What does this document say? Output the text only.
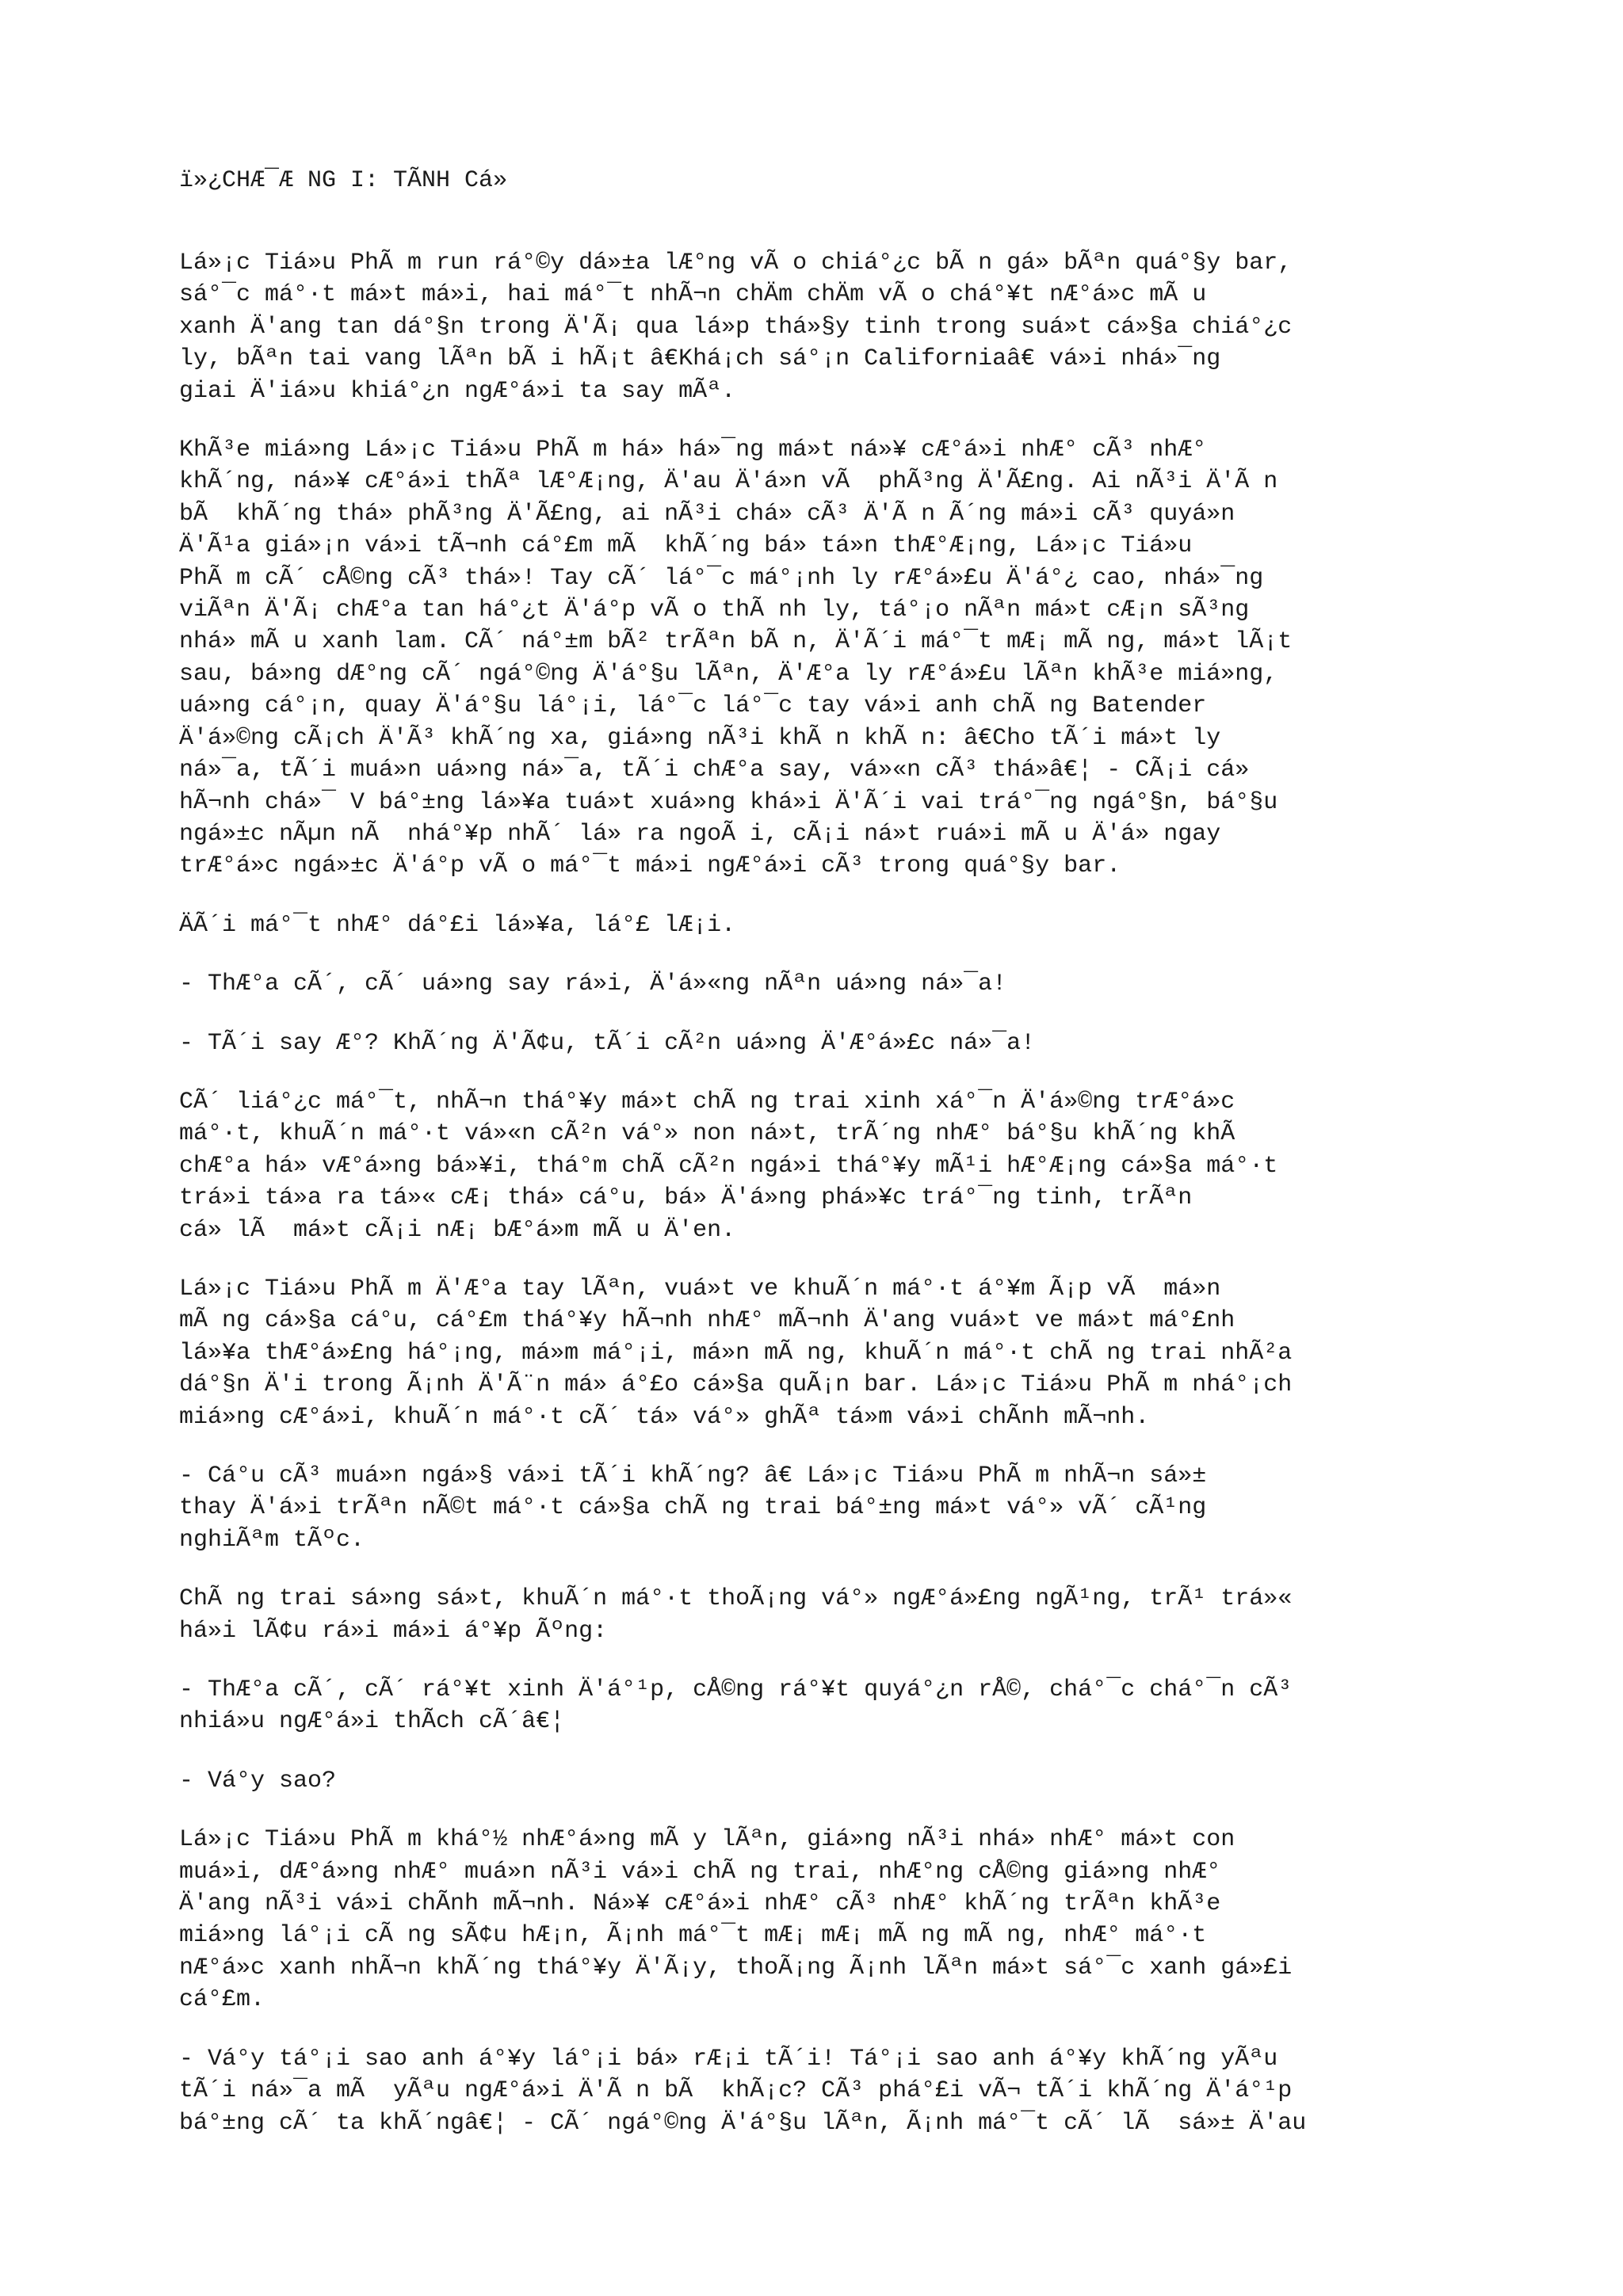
ï»¿CHÆ¯Æ NG I: TÃNH Cá»

Lá»¡c Tiá»u PhÃ m run rá°©y dá»±a lÆ°ng vÃ o chiá°¿c bÃ n gá» bÃªn quá°§y bar,
sá°¯c má°·t má»t má»i, hai má°¯t nhÃ¬n chÄm chÄm vÃ o chá°¥t nÆ°á»c mÃ u
xanh Ä'ang tan dá°§n trong Ä'Ã¡ qua lá»p thá»§y tinh trong suá»t cá»§a chiá°¿c
ly, bÃªn tai vang lÃªn bÃ i hÃ¡t â€Khá¡ch sá°¡n Californiaâ€ vá»i nhá»¯ng
giai Ä'iá»u khiá°¿n ngÆ°á»i ta say mÃª.

KhÃ³e miá»ng Lá»¡c Tiá»u PhÃ m há» há»¯ng má»t ná»¥ cÆ°á»i nhÆ° cÃ³ nhÆ°
khÃ´ng, ná»¥ cÆ°á»i thÃª lÆ°Æ¡ng, Ä'au Ä'á»n vÃ  phÃ³ng Ä'Ã£ng. Ai nÃ³i Ä'Ã n
bÃ  khÃ´ng thá» phÃ³ng Ä'Ã£ng, ai nÃ³i chá» cÃ³ Ä'Ã n Ã´ng má»i cÃ³ quyá»n
Ä'Ã¹a giá»¡n vá»i tÃ¬nh cá°£m mÃ  khÃ´ng bá» tá»n thÆ°Æ¡ng, Lá»¡c Tiá»u
PhÃ m cÃ´ cÅ©ng cÃ³ thá»! Tay cÃ´ lá°¯c má°¡nh ly rÆ°á»£u Ä'á°¿ cao, nhá»¯ng
viÃªn Ä'Ã¡ chÆ°a tan há°¿t Ä'á°p vÃ o thÃ nh ly, tá°¡o nÃªn má»t cÆ¡n sÃ³ng
nhá» mÃ u xanh lam. CÃ´ ná°±m bÃ² trÃªn bÃ n, Ä'Ã´i má°¯t mÆ¡ mÃ ng, má»t lÃ¡t
sau, bá»ng dÆ°ng cÃ´ ngá°©ng Ä'á°§u lÃªn, Ä'Æ°a ly rÆ°á»£u lÃªn khÃ³e miá»ng,
uá»ng cá°¡n, quay Ä'á°§u lá°¡i, lá°¯c lá°¯c tay vá»i anh chÃ ng Batender
Ä'á»©ng cÃ¡ch Ä'Ã³ khÃ´ng xa, giá»ng nÃ³i khÃ n khÃ n: â€Cho tÃ´i má»t ly
ná»¯a, tÃ´i muá»n uá»ng ná»¯a, tÃ´i chÆ°a say, vá»«n cÃ³ thá»â€¦ - CÃ¡i cá»
hÃ¬nh chá»¯ V bá°±ng lá»¥a tuá»t xuá»ng khá»i Ä'Ã´i vai trá°¯ng ngá°§n, bá°§u
ngá»±c nÃµn nÃ  nhá°¥p nhÃ´ lá» ra ngoÃ i, cÃ¡i ná»t ruá»i mÃ u Ä'á» ngay
trÆ°á»c ngá»±c Ä'á°p vÃ o má°¯t má»i ngÆ°á»i cÃ³ trong quá°§y bar.

ÄÃ´i má°¯t nhÆ° dá°£i lá»¥a, lá°£ lÆ¡i.

- ThÆ°a cÃ´, cÃ´ uá»ng say rá»i, Ä'á»«ng nÃªn uá»ng ná»¯a!

- TÃ´i say Æ°? KhÃ´ng Ä'Ã¢u, tÃ´i cÃ²n uá»ng Ä'Æ°á»£c ná»¯a!

CÃ´ liá°¿c má°¯t, nhÃ¬n thá°¥y má»t chÃ ng trai xinh xá°¯n Ä'á»©ng trÆ°á»c
má°·t, khuÃ´n má°·t vá»«n cÃ²n vá°» non ná»t, trÃ´ng nhÆ° bá°§u khÃ´ng khÃ
chÆ°a há» vÆ°á»ng bá»¥i, thá°m chÃ cÃ²n ngá»i thá°¥y mÃ¹i hÆ°Æ¡ng cá»§a má°·t
trá»i tá»a ra tá»« cÆ¡ thá» cá°u, bá» Ä'á»ng phá»¥c trá°¯ng tinh, trÃªn
cá» lÃ  má»t cÃ¡i nÆ¡ bÆ°á»m mÃ u Ä'en.

Lá»¡c Tiá»u PhÃ m Ä'Æ°a tay lÃªn, vuá»t ve khuÃ´n má°·t á°¥m Ã¡p vÃ  má»n
mÃ ng cá»§a cá°u, cá°£m thá°¥y hÃ¬nh nhÆ° mÃ¬nh Ä'ang vuá»t ve má»t má°£nh
lá»¥a thÆ°á»£ng há°¡ng, má»m má°¡i, má»n mÃ ng, khuÃ´n má°·t chÃ ng trai nhÃ²a
dá°§n Ä'i trong Ã¡nh Ä'Ã¨n má» á°£o cá»§a quÃ¡n bar. Lá»¡c Tiá»u PhÃ m nhá°¡ch
miá»ng cÆ°á»i, khuÃ´n má°·t cÃ´ tá» vá°» ghÃª tá»m vá»i chÃnh mÃ¬nh.

- Cá°u cÃ³ muá»n ngá»§ vá»i tÃ´i khÃ´ng? â€ Lá»¡c Tiá»u PhÃ m nhÃ¬n sá»±
thay Ä'á»i trÃªn nÃ©t má°·t cá»§a chÃ ng trai bá°±ng má»t vá°» vÃ´ cÃ¹ng
nghiÃªm tÃºc.

ChÃ ng trai sá»ng sá»t, khuÃ´n má°·t thoÃ¡ng vá°» ngÆ°á»£ng ngÃ¹ng, trÃ¹ trá»«
há»i lÃ¢u rá»i má»i á°¥p Ãºng:

- ThÆ°a cÃ´, cÃ´ rá°¥t xinh Ä'á°¹p, cÅ©ng rá°¥t quyá°¿n rÅ©, chá°¯c chá°¯n cÃ³
nhiá»u ngÆ°á»i thÃch cÃ´â€¦

- Vá°y sao?

Lá»¡c Tiá»u PhÃ m khá°½ nhÆ°á»ng mÃ y lÃªn, giá»ng nÃ³i nhá» nhÆ° má»t con
muá»i, dÆ°á»ng nhÆ° muá»n nÃ³i vá»i chÃ ng trai, nhÆ°ng cÅ©ng giá»ng nhÆ°
Ä'ang nÃ³i vá»i chÃnh mÃ¬nh. Ná»¥ cÆ°á»i nhÆ° cÃ³ nhÆ° khÃ´ng trÃªn khÃ³e
miá»ng lá°¡i cÃ ng sÃ¢u hÆ¡n, Ã¡nh má°¯t mÆ¡ mÆ¡ mÃ ng mÃ ng, nhÆ° má°·t
nÆ°á»c xanh nhÃ¬n khÃ´ng thá°¥y Ä'Ã¡y, thoÃ¡ng Ã¡nh lÃªn má»t sá°¯c xanh gá»£i
cá°£m.

- Vá°y tá°¡i sao anh á°¥y lá°¡i bá» rÆ¡i tÃ´i! Tá°¡i sao anh á°¥y khÃ´ng yÃªu
tÃ´i ná»¯a mÃ  yÃªu ngÆ°á»i Ä'Ã n bÃ  khÃ¡c? CÃ³ phá°£i vÃ¬ tÃ´i khÃ´ng Ä'á°¹p
bá°±ng cÃ´ ta khÃ´ngâ€¦ - CÃ´ ngá°©ng Ä'á°§u lÃªn, Ã¡nh má°¯t cÃ´ lÃ  sá»± Ä'au
